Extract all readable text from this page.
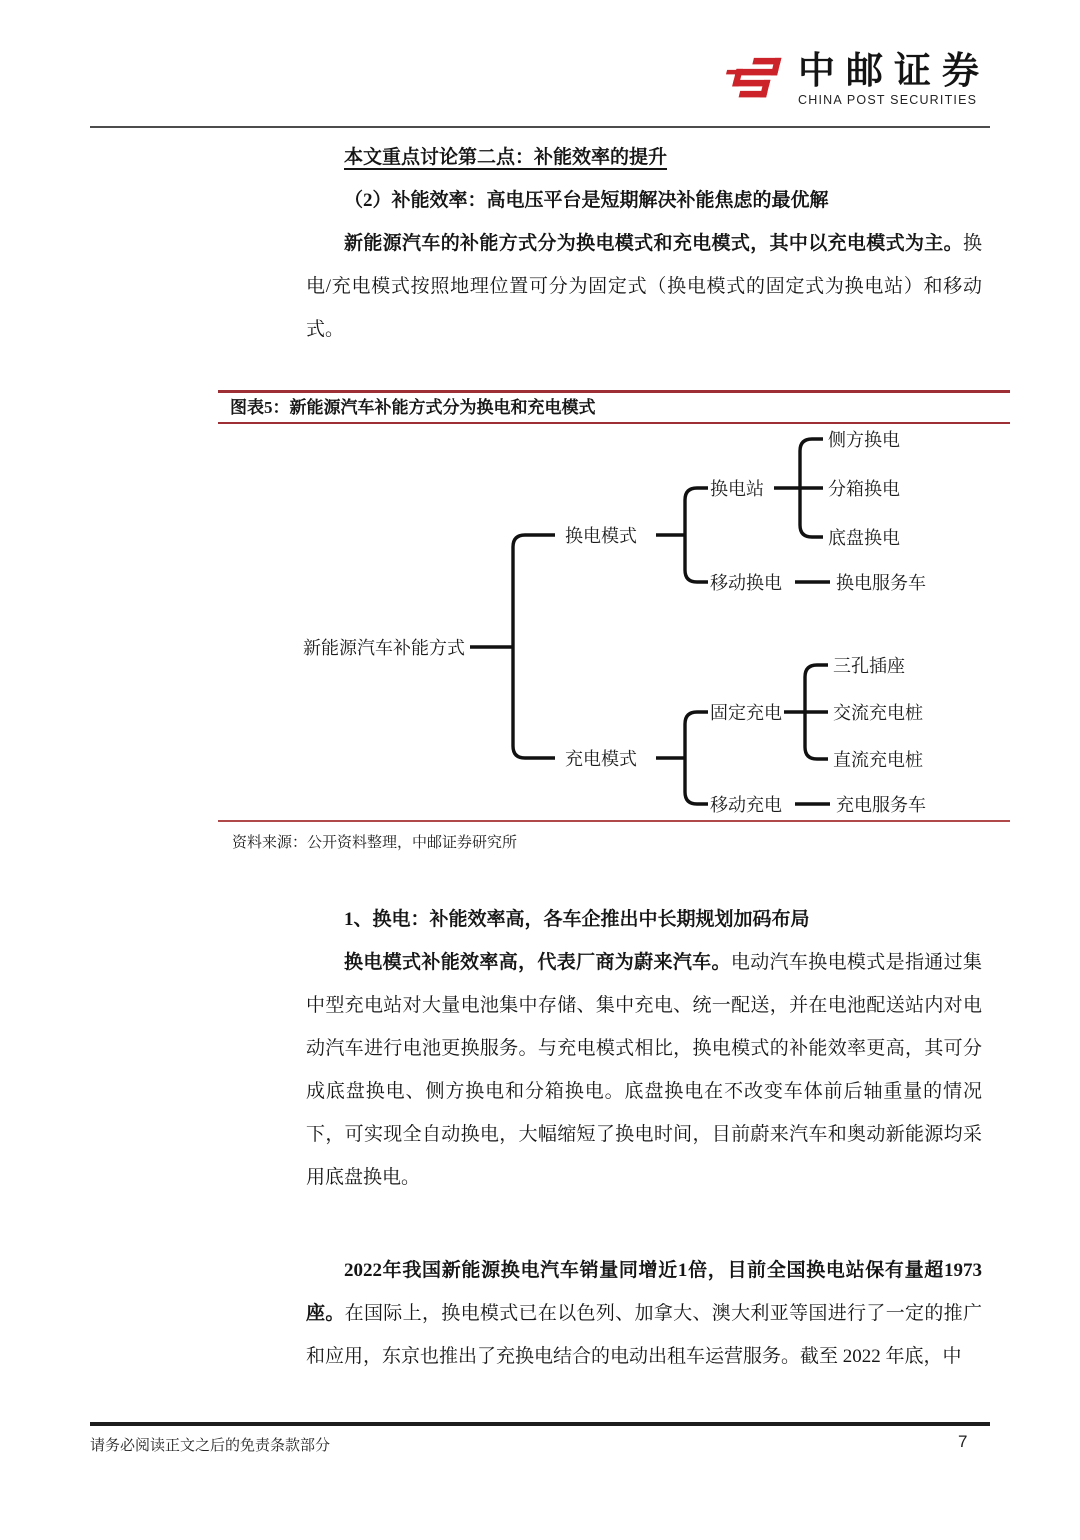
中邮证券
CHINA POST SECURITIES

本文重点讨论第二点：补能效率的提升

（2）补能效率：高电压平台是短期解决补能焦虑的最优解

新能源汽车的补能方式分为换电模式和充电模式，其中以充电模式为主。换电/充电模式按照地理位置可分为固定式（换电模式的固定式为换电站）和移动式。

图表5：新能源汽车补能方式分为换电和充电模式
新能源汽车补能方式
换电模式
换电站
侧方换电
分箱换电
底盘换电
移动换电	换电服务车
充电模式
固定充电
三孔插座
交流充电桩
直流充电桩
移动充电	充电服务车
资料来源：公开资料整理，中邮证券研究所
1、换电：补能效率高，各车企推出中长期规划加码布局

换电模式补能效率高，代表厂商为蔚来汽车。电动汽车换电模式是指通过集中型充电站对大量电池集中存储、集中充电、统一配送，并在电池配送站内对电动汽车进行电池更换服务。与充电模式相比，换电模式的补能效率更高，其可分成底盘换电、侧方换电和分箱换电。底盘换电在不改变车体前后轴重量的情况下，可实现全自动换电，大幅缩短了换电时间，目前蔚来汽车和奥动新能源均采用底盘换电。

2022年我国新能源换电汽车销量同增近1倍，目前全国换电站保有量超1973座。在国际上，换电模式已在以色列、加拿大、澳大利亚等国进行了一定的推广和应用，东京也推出了充换电结合的电动出租车运营服务。截至 2022 年底，中

请务必阅读正文之后的免责条款部分	7
